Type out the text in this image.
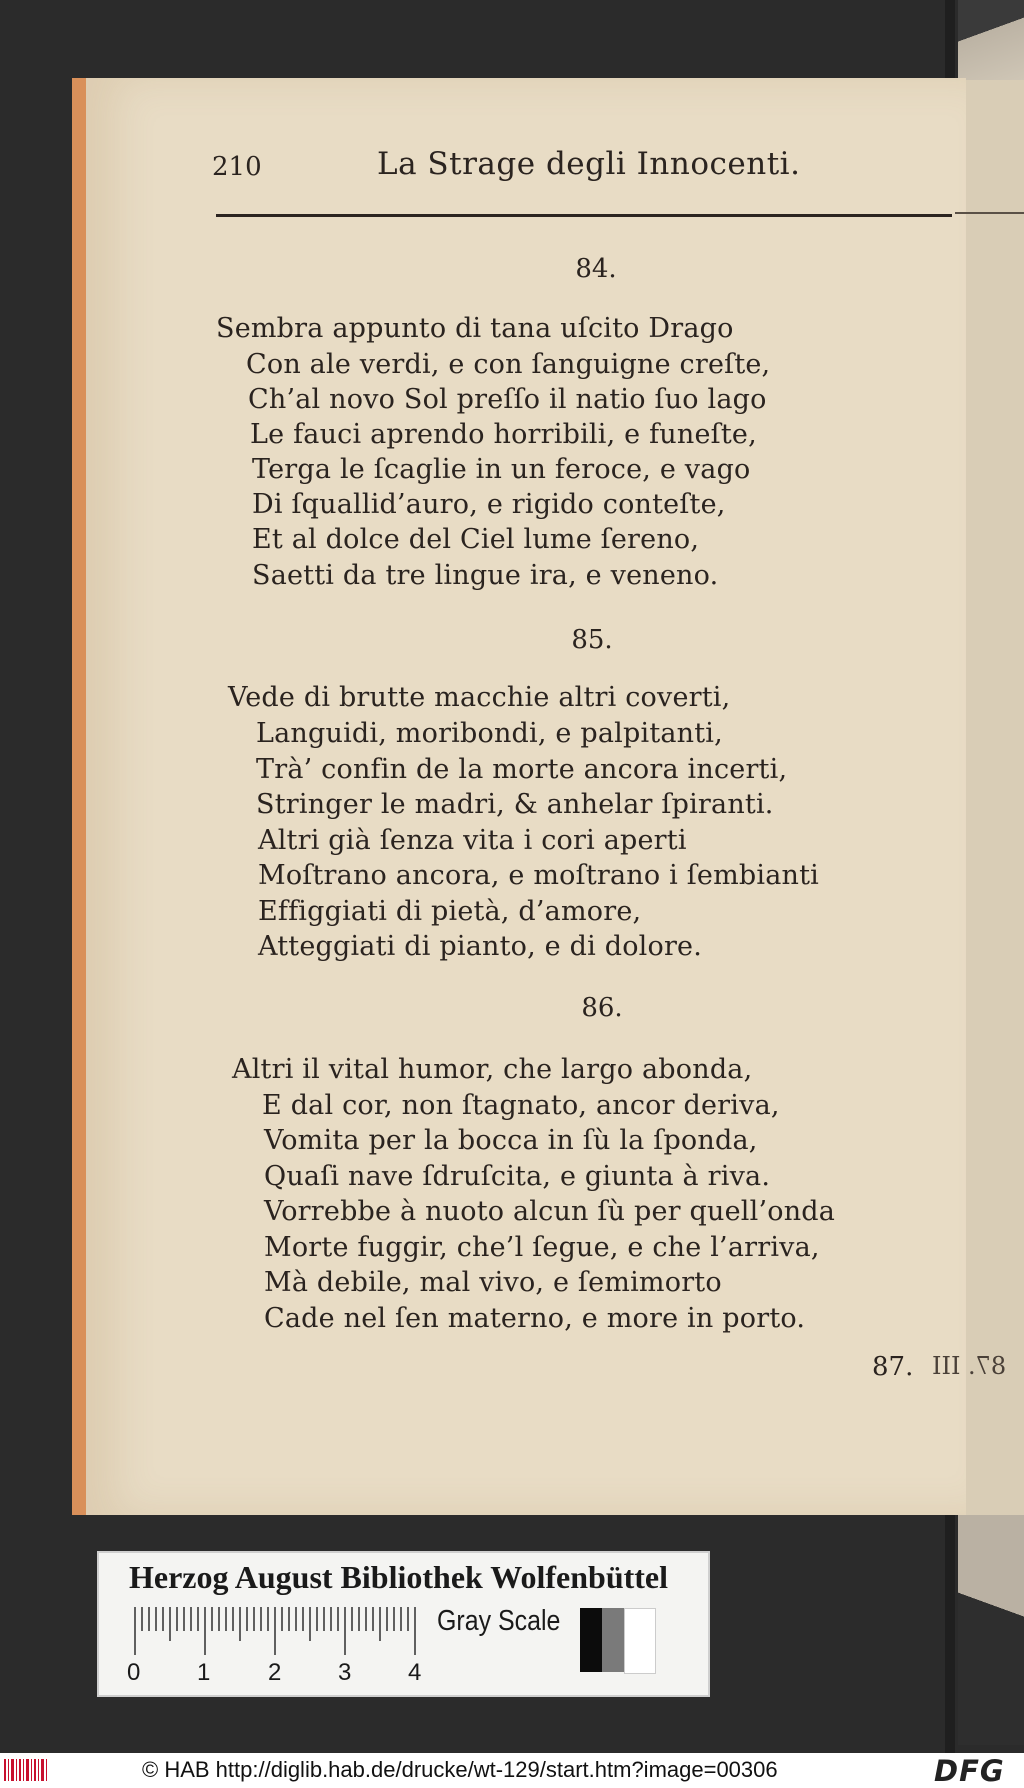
210	La Strage degli Innocenti.
84.
Sembra appunto di tana uſcito Drago
Con ale verdi, e con ſanguigne creſte,
Ch’al novo Sol preſſo il natio ſuo lago
Le fauci aprendo horribili, e funeſte,
Terga le ſcaglie in un feroce, e vago
Di ſquallid’auro, e rigido conteſte,
Et al dolce del Ciel lume ſereno,
Saetti da tre lingue ira, e veneno.
85.
Vede di brutte macchie altri coverti,
Languidi, moribondi, e palpitanti,
Trà’ confin de la morte ancora incerti,
Stringer le madri, & anhelar ſpiranti.
Altri già ſenza vita i cori aperti
Moſtrano ancora, e moſtrano i ſembianti
Effiggiati di pietà, d’amore,
Atteggiati di pianto, e di dolore.
86.
Altri il vital humor, che largo abonda,
E dal cor, non ſtagnato, ancor deriva,
Vomita per la bocca in ſù la ſponda,
Quaſi nave ſdruſcita, e giunta à riva.
Vorrebbe à nuoto alcun ſù per quell’onda
Morte fuggir, che’l ſegue, e che l’arriva,
Mà debile, mal vivo, e ſemimorto
Cade nel ſen materno, e more in porto.
87. III 87.
Herzog August Bibliothek Wolfenbüttel
Gray Scale
0 1 2 3 4
© HAB http://diglib.hab.de/drucke/wt-129/start.htm?image=00306	DFG
